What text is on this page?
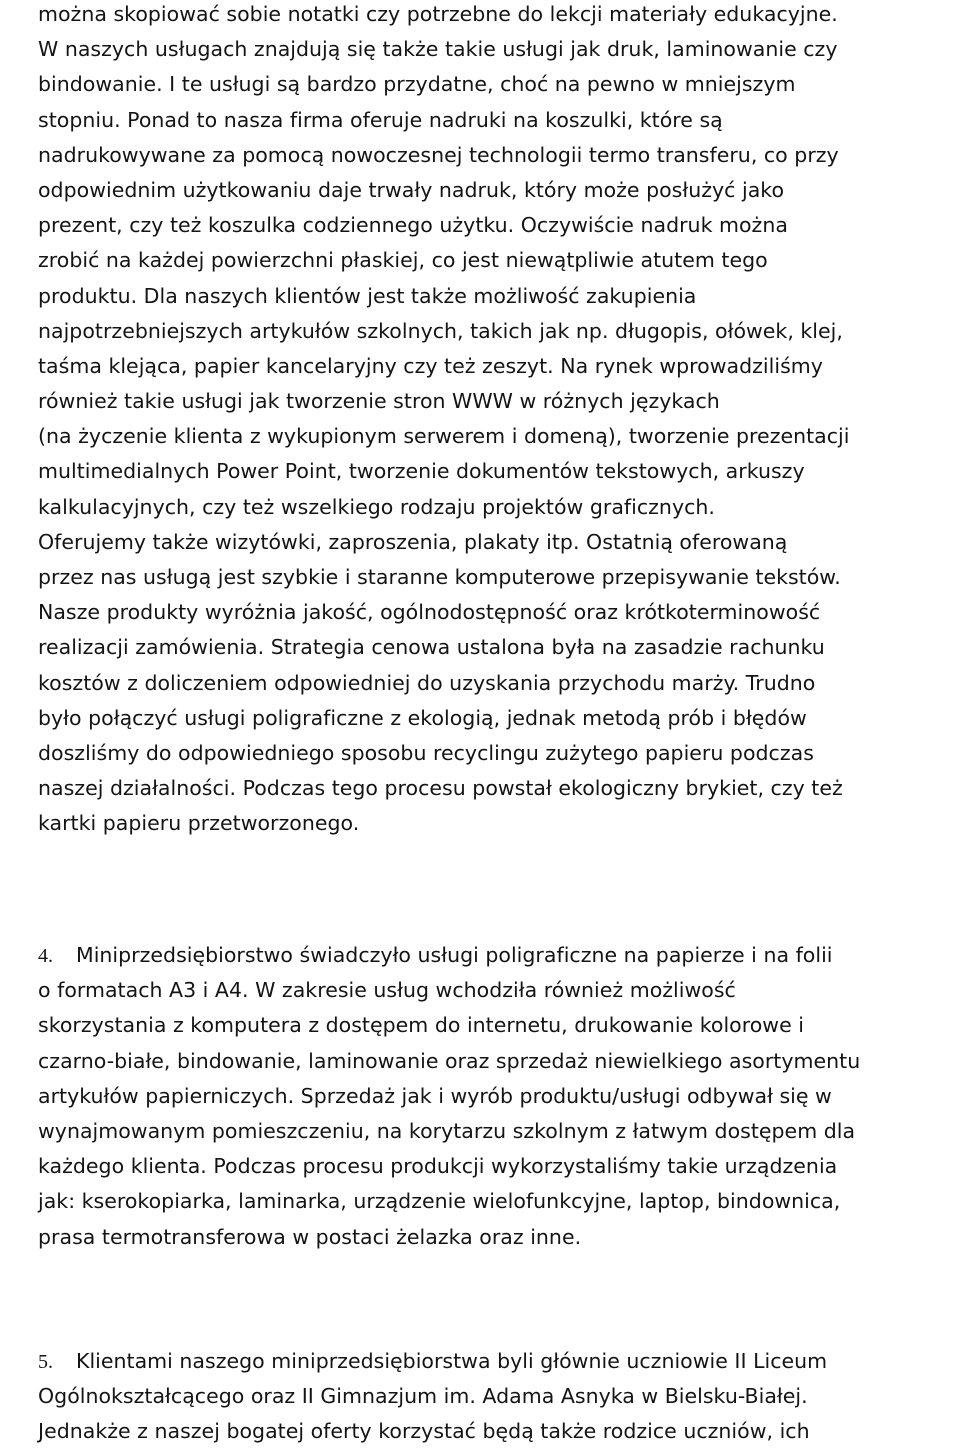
można skopiować sobie notatki czy potrzebne do lekcji materiały edukacyjne.
W naszych usługach znajdują się także takie usługi jak druk, laminowanie czy
bindowanie. I te usługi są bardzo przydatne, choć na pewno w mniejszym
stopniu. Ponad to nasza firma oferuje nadruki na koszulki, które są
nadrukowywane za pomocą nowoczesnej technologii termo transferu, co przy
odpowiednim użytkowaniu daje trwały nadruk, który może posłużyć jako
prezent, czy też koszulka codziennego użytku. Oczywiście nadruk można
zrobić na każdej powierzchni płaskiej, co jest niewątpliwie atutem tego
produktu. Dla naszych klientów jest także możliwość zakupienia
najpotrzebniejszych artykułów szkolnych, takich jak np. długopis, ołówek, klej,
taśma klejąca, papier kancelaryjny czy też zeszyt. Na rynek wprowadziliśmy
również takie usługi jak tworzenie stron WWW w różnych językach
(na życzenie klienta z wykupionym serwerem i domeną), tworzenie prezentacji
multimedialnych Power Point, tworzenie dokumentów tekstowych, arkuszy
kalkulacyjnych, czy też wszelkiego rodzaju projektów graficznych.
Oferujemy także wizytówki, zaproszenia, plakaty itp. Ostatnią oferowaną
przez nas usługą jest szybkie i staranne komputerowe przepisywanie tekstów.
Nasze produkty wyróżnia jakość, ogólnodostępność oraz krótkoterminowość
realizacji zamówienia. Strategia cenowa ustalona była na zasadzie rachunku
kosztów z doliczeniem odpowiedniej do uzyskania przychodu marży. Trudno
było połączyć usługi poligraficzne z ekologią, jednak metodą prób i błędów
doszliśmy do odpowiedniego sposobu recyclingu zużytego papieru podczas
naszej działalności. Podczas tego procesu powstał ekologiczny brykiet, czy też
kartki papieru przetworzonego.
4. Miniprzedsiębiorstwo świadczyło usługi poligraficzne na papierze i na folii
o formatach A3 i A4. W zakresie usług wchodziła również możliwość
skorzystania z komputera z dostępem do internetu, drukowanie kolorowe i
czarno-białe, bindowanie, laminowanie oraz sprzedaż niewielkiego asortymentu
artykułów papierniczych. Sprzedaż jak i wyrób produktu/usługi odbywał się w
wynajmowanym pomieszczeniu, na korytarzu szkolnym z łatwym dostępem dla
każdego klienta. Podczas procesu produkcji wykorzystaliśmy takie urządzenia
jak: kserokopiarka, laminarka, urządzenie wielofunkcyjne, laptop, bindownica,
prasa termotransferowa w postaci żelazka oraz inne.
5. Klientami naszego miniprzedsiębiorstwa byli głównie uczniowie II Liceum
Ogólnokształcącego oraz II Gimnazjum im. Adama Asnyka w Bielsku-Białej.
Jednakże z naszej bogatej oferty korzystać będą także rodzice uczniów, ich
